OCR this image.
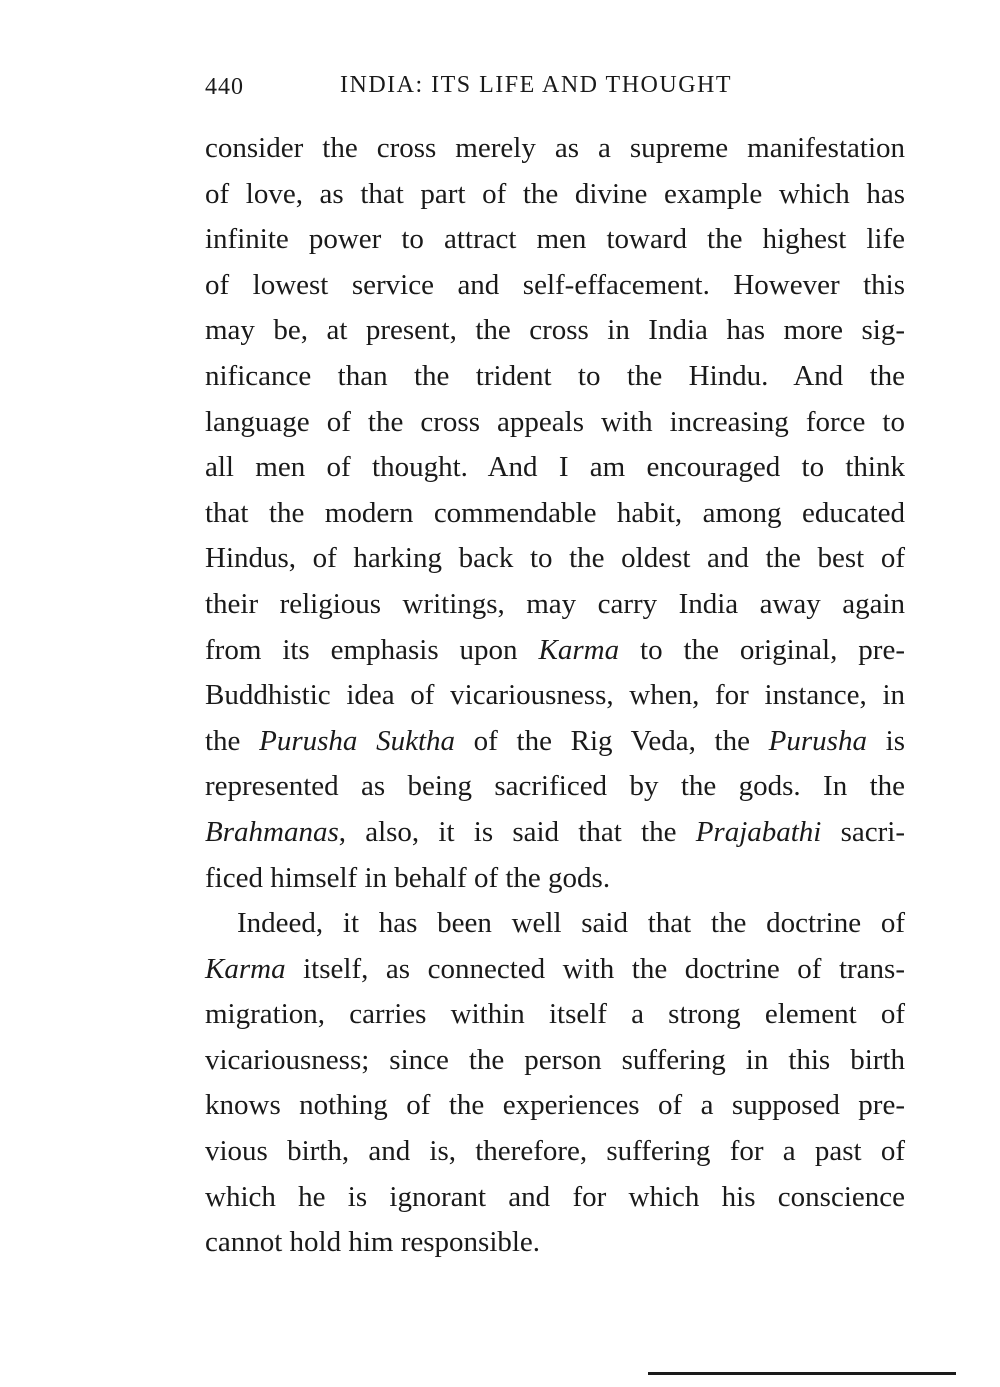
440	INDIA: ITS LIFE AND THOUGHT
consider the cross merely as a supreme manifestation
of love, as that part of the divine example which has
infinite power to attract men toward the highest life
of lowest service and self-effacement. However this
may be, at present, the cross in India has more sig-
nificance than the trident to the Hindu. And the
language of the cross appeals with increasing force to
all men of thought. And I am encouraged to think
that the modern commendable habit, among educated
Hindus, of harking back to the oldest and the best of
their religious writings, may carry India away again
from its emphasis upon Karma to the original, pre-
Buddhistic idea of vicariousness, when, for instance, in
the Purusha Suktha of the Rig Veda, the Purusha is
represented as being sacrificed by the gods. In the
Brahmanas, also, it is said that the Prajabathi sacri-
ficed himself in behalf of the gods.
Indeed, it has been well said that the doctrine of
Karma itself, as connected with the doctrine of trans-
migration, carries within itself a strong element of
vicariousness; since the person suffering in this birth
knows nothing of the experiences of a supposed pre-
vious birth, and is, therefore, suffering for a past of
which he is ignorant and for which his conscience
cannot hold him responsible.
